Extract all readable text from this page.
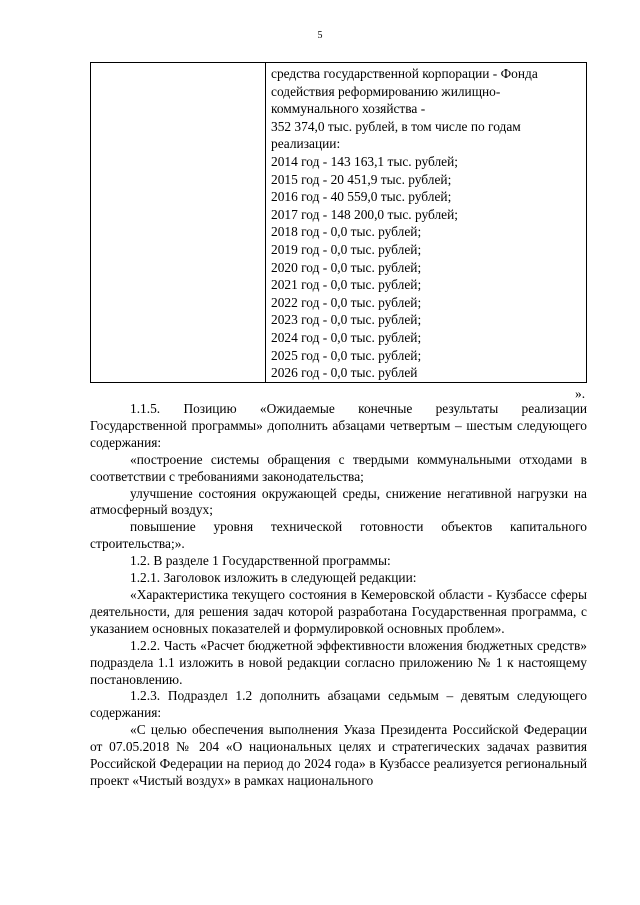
5
средства государственной корпорации - Фонда
содействия реформированию жилищно-
коммунального хозяйства -
352 374,0 тыс. рублей, в том числе по годам
реализации:
2014 год - 143 163,1 тыс. рублей;
2015 год - 20 451,9 тыс. рублей;
2016 год - 40 559,0 тыс. рублей;
2017 год - 148 200,0 тыс. рублей;
2018 год - 0,0 тыс. рублей;
2019 год - 0,0 тыс. рублей;
2020 год - 0,0 тыс. рублей;
2021 год - 0,0 тыс. рублей;
2022 год - 0,0 тыс. рублей;
2023 год - 0,0 тыс. рублей;
2024 год - 0,0 тыс. рублей;
2025 год - 0,0 тыс. рублей;
2026 год - 0,0 тыс. рублей
».

1.1.5. Позицию «Ожидаемые конечные результаты реализации Государственной программы» дополнить абзацами четвертым – шестым следующего содержания:

«построение системы обращения с твердыми коммунальными отходами в соответствии с требованиями законодательства;

улучшение состояния окружающей среды, снижение негативной нагрузки на атмосферный воздух;

повышение уровня технической готовности объектов капитального строительства;».

1.2. В разделе 1 Государственной программы:

1.2.1. Заголовок изложить в следующей редакции:

«Характеристика текущего состояния в Кемеровской области - Кузбассе сферы деятельности, для решения задач которой разработана Государственная программа, с указанием основных показателей и формулировкой основных проблем».

1.2.2. Часть «Расчет бюджетной эффективности вложения бюджетных средств» подраздела 1.1 изложить в новой редакции согласно приложению № 1 к настоящему постановлению.

1.2.3. Подраздел 1.2 дополнить абзацами седьмым – девятым следующего содержания:

«С целью обеспечения выполнения Указа Президента Российской Федерации от 07.05.2018 № 204 «О национальных целях и стратегических задачах развития Российской Федерации на период до 2024 года» в Кузбассе реализуется региональный проект «Чистый воздух» в рамках национального
